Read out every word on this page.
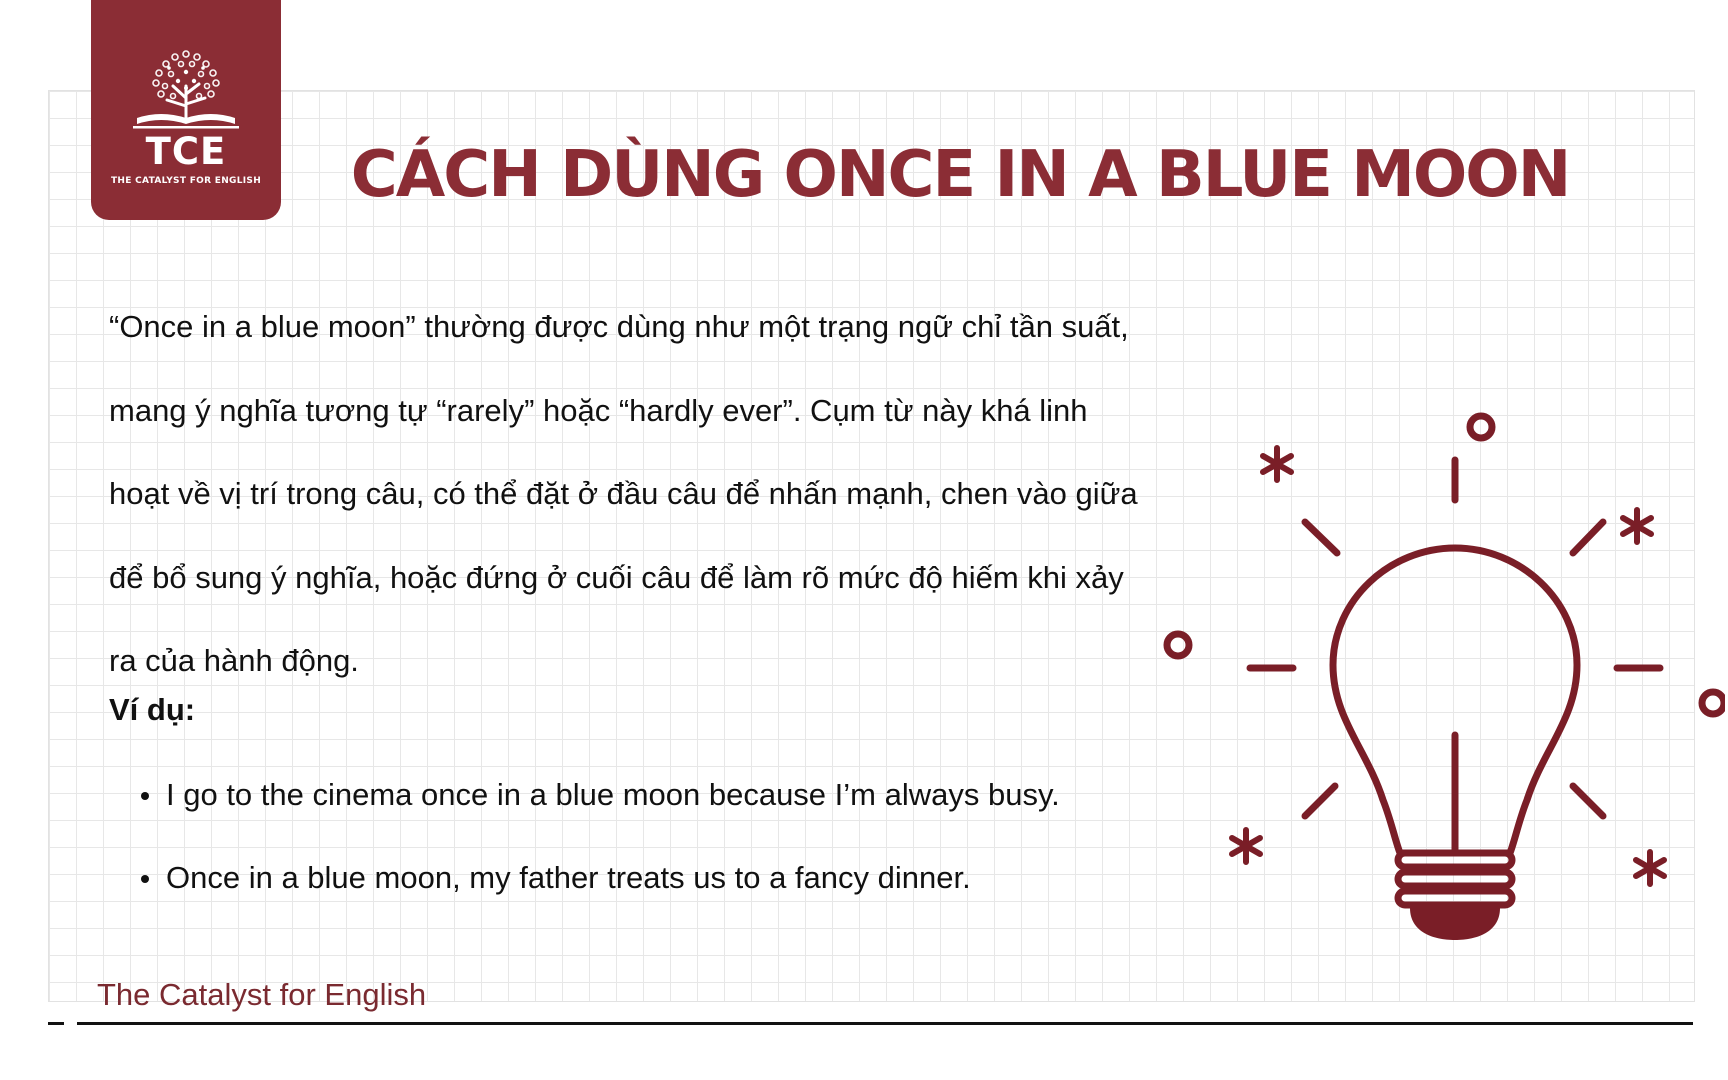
TCE
THE CATALYST FOR ENGLISH	CÁCH DÙNG ONCE IN A BLUE MOON

“Once in a blue moon” thường được dùng như một trạng ngữ chỉ tần suất, mang ý nghĩa tương tự “rarely” hoặc “hardly ever”. Cụm từ này khá linh hoạt về vị trí trong câu, có thể đặt ở đầu câu để nhấn mạnh, chen vào giữa để bổ sung ý nghĩa, hoặc đứng ở cuối câu để làm rõ mức độ hiếm khi xảy ra của hành động.

Ví dụ:

I go to the cinema once in a blue moon because I’m always busy.
Once in a blue moon, my father treats us to a fancy dinner.

The Catalyst for English
